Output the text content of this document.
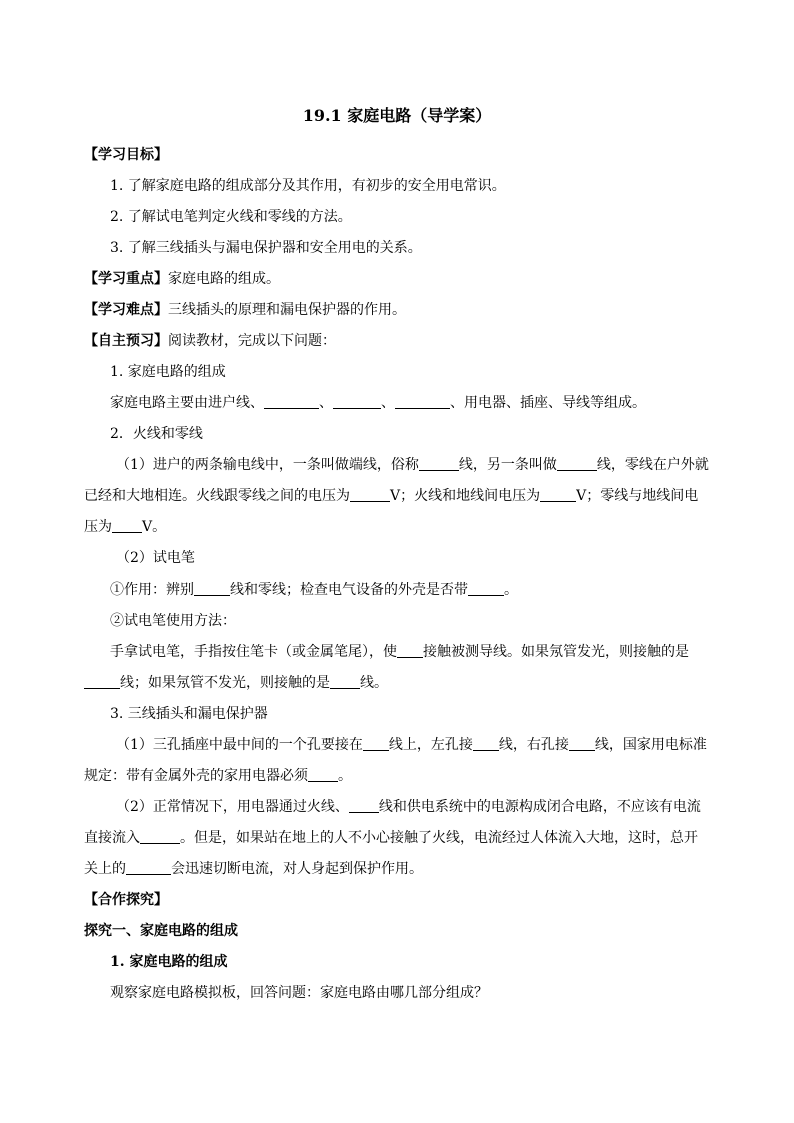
19.1 家庭电路（导学案）
【学习目标】
1. 了解家庭电路的组成部分及其作用，有初步的安全用电常识。
2. 了解试电笔判定火线和零线的方法。
3. 了解三线插头与漏电保护器和安全用电的关系。
【学习重点】家庭电路的组成。
【学习难点】三线插头的原理和漏电保护器的作用。
【自主预习】阅读教材，完成以下问题：
1. 家庭电路的组成
家庭电路主要由进户线、	、	、	、用电器、插座、导线等组成。
2．火线和零线
（1）进户的两条输电线中，一条叫做端线，俗称	线，另一条叫做	线，零线在户外就
已经和大地相连。火线跟零线之间的电压为	V；火线和地线间电压为	V；零线与地线间电
压为 V。
（2）试电笔
①作用：辨别	线和零线；检查电气设备的外壳是否带	。
②试电笔使用方法：
手拿试电笔，手指按住笔卡（或金属笔尾），使 接触被测导线。如果氖管发光，则接触的是
线；如果氖管不发光，则接触的是 线。
3. 三线插头和漏电保护器
（1）三孔插座中最中间的一个孔要接在 线上，左孔接 线，右孔接 线，国家用电标准
规定：带有金属外壳的家用电器必须 。
（2）正常情况下，用电器通过火线、 线和供电系统中的电源构成闭合电路，不应该有电流
直接流入	。但是，如果站在地上的人不小心接触了火线，电流经过人体流入大地，这时，总开
关上的	会迅速切断电流，对人身起到保护作用。
【合作探究】
探究一、家庭电路的组成
1. 家庭电路的组成
观察家庭电路模拟板，回答问题：家庭电路由哪几部分组成？
